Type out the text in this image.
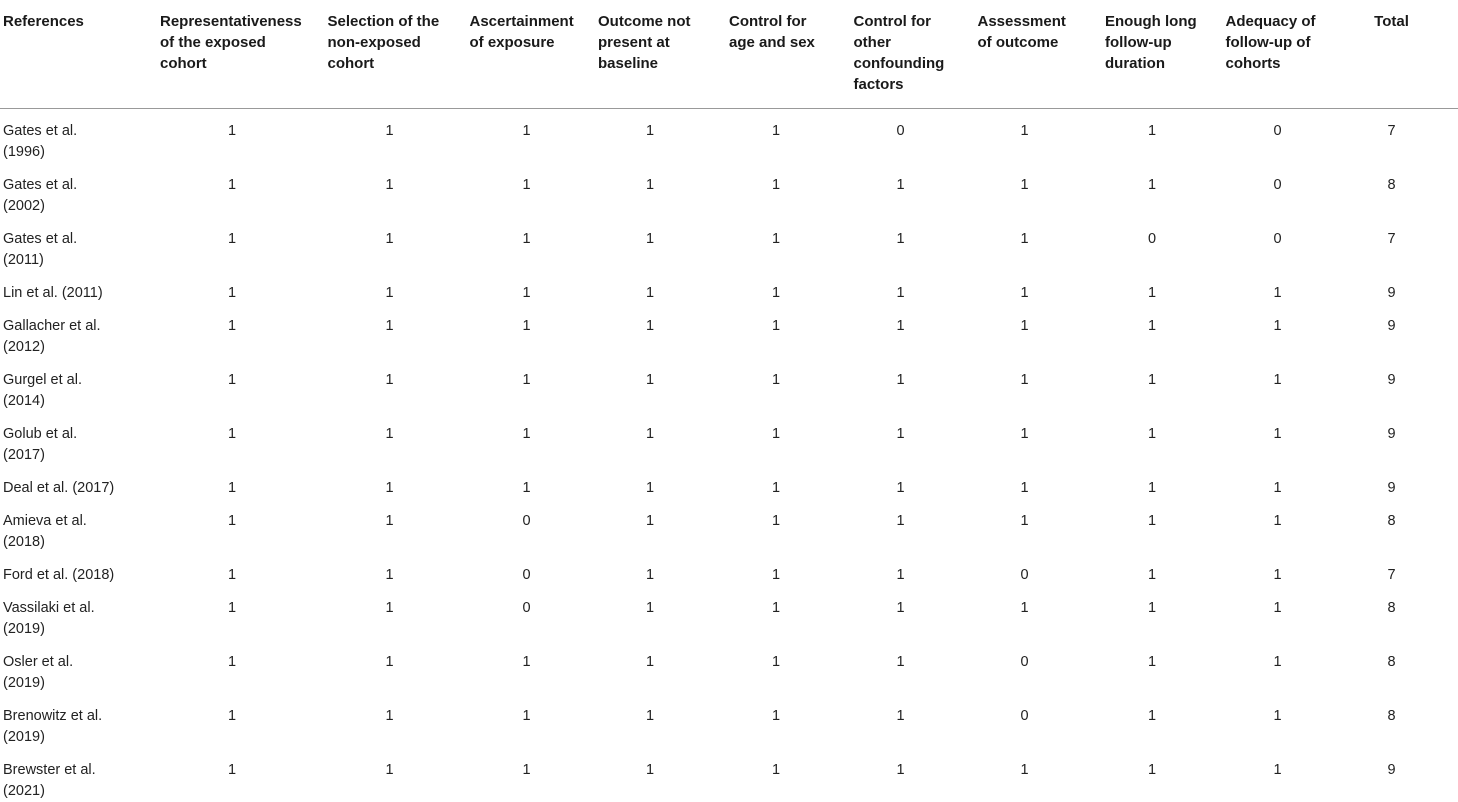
References	Representativeness of the exposed cohort	Selection of the non-exposed cohort	Ascertainment of exposure	Outcome not present at baseline	Control for age and sex	Control for other confounding factors	Assessment of outcome	Enough long follow-up duration	Adequacy of follow-up of cohorts	Total

Gates et al. (1996)	1	1	1	1	1	0	1	1	0	7
Gates et al. (2002)	1	1	1	1	1	1	1	1	0	8
Gates et al. (2011)	1	1	1	1	1	1	1	0	0	7
Lin et al. (2011)	1	1	1	1	1	1	1	1	1	9
Gallacher et al. (2012)	1	1	1	1	1	1	1	1	1	9
Gurgel et al. (2014)	1	1	1	1	1	1	1	1	1	9
Golub et al. (2017)	1	1	1	1	1	1	1	1	1	9
Deal et al. (2017)	1	1	1	1	1	1	1	1	1	9
Amieva et al. (2018)	1	1	0	1	1	1	1	1	1	8
Ford et al. (2018)	1	1	0	1	1	1	0	1	1	7
Vassilaki et al. (2019)	1	1	0	1	1	1	1	1	1	8
Osler et al. (2019)	1	1	1	1	1	1	0	1	1	8
Brenowitz et al. (2019)	1	1	1	1	1	1	0	1	1	8
Brewster et al. (2021)	1	1	1	1	1	1	1	1	1	9
